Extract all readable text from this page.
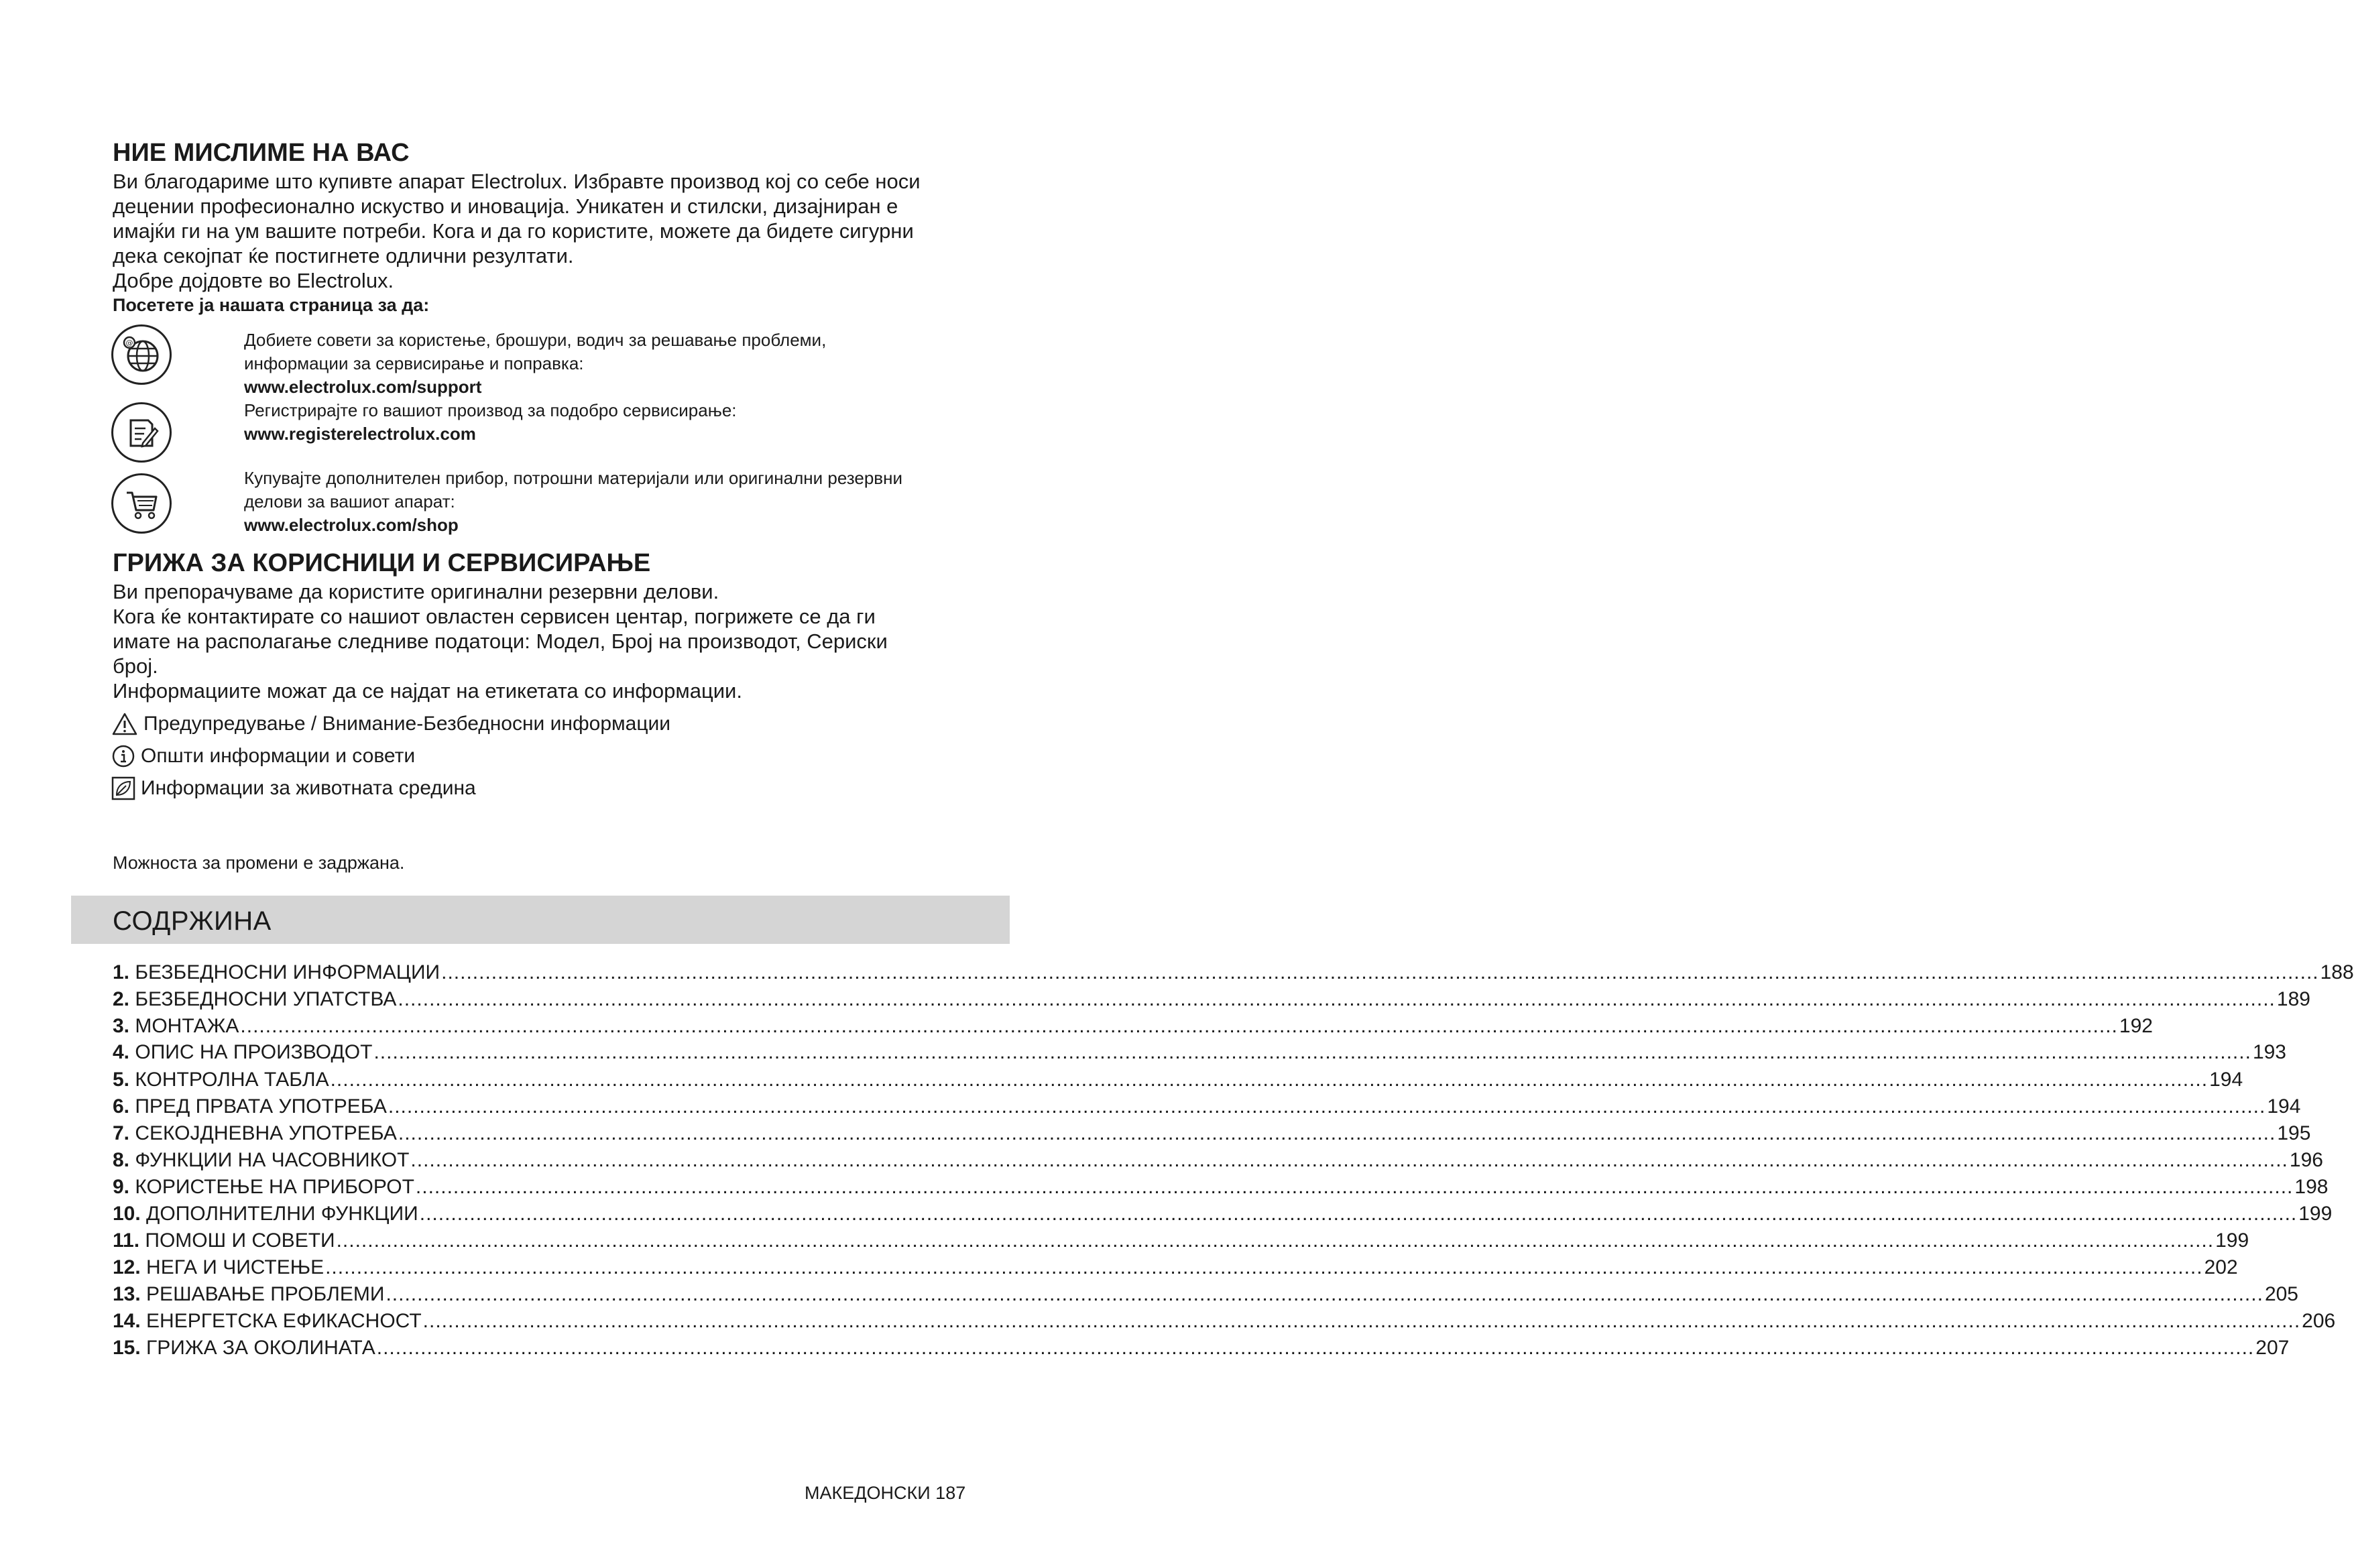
НИЕ МИСЛИМЕ НА ВАС
Ви благодариме што купивте апарат Electrolux. Избравте производ кој со себе носи
децении професионално искуство и иновација. Уникатен и стилски, дизајниран е
имајќи ги на ум вашите потреби. Кога и да го користите, можете да бидете сигурни
дека секојпат ќе постигнете одлични резултати.
Добре дојдовте во Electrolux.
Посетете ја нашата страница за да:
@	Добиете совети за користење, брошури, водич за решавање проблеми,
информации за сервисирање и поправка:
www.electrolux.com/support
Регистрирајте го вашиот производ за подобро сервисирање:
www.registerelectrolux.com
Купувајте дополнителен прибор, потрошни материјали или оригинални резервни
делови за вашиот апарат:
www.electrolux.com/shop
ГРИЖА ЗА КОРИСНИЦИ И СЕРВИСИРАЊЕ
Ви препорачуваме да користите оригинални резервни делови.
Кога ќе контактирате со нашиот овластен сервисен центар, погрижете се да ги
имате на располагање следниве податоци: Модел, Број на производот, Сериски
број.
Информациите можат да се најдат на етикетата со информации.
Предупредување / Внимание-Безбедносни информации
Општи информации и совети
Информации за животната средина
Можноста за промени е задржана.
СОДРЖИНА
1. БЕЗБЕДНОСНИ ИНФОРМАЦИИ ............................................................................................................................................................................................................................................................................................................ 188
2. БЕЗБЕДНОСНИ УПАТСТВА ............................................................................................................................................................................................................................................................................................................ 189
3. МОНТАЖА ............................................................................................................................................................................................................................................................................................................ 192
4. ОПИС НА ПРОИЗВОДОТ ............................................................................................................................................................................................................................................................................................................ 193
5. КОНТРОЛНА ТАБЛА ............................................................................................................................................................................................................................................................................................................ 194
6. ПРЕД ПРВАТА УПОТРЕБА ............................................................................................................................................................................................................................................................................................................ 194
7. СЕКОЈДНЕВНА УПОТРЕБА ............................................................................................................................................................................................................................................................................................................ 195
8. ФУНКЦИИ НА ЧАСОВНИКОТ ............................................................................................................................................................................................................................................................................................................ 196
9. КОРИСТЕЊЕ НА ПРИБОРОТ ............................................................................................................................................................................................................................................................................................................ 198
10. ДОПОЛНИТЕЛНИ ФУНКЦИИ ............................................................................................................................................................................................................................................................................................................ 199
11. ПОМОШ И СОВЕТИ ............................................................................................................................................................................................................................................................................................................ 199
12. НЕГА И ЧИСТЕЊЕ ............................................................................................................................................................................................................................................................................................................ 202
13. РЕШАВАЊЕ ПРОБЛЕМИ ............................................................................................................................................................................................................................................................................................................ 205
14. ЕНЕРГЕТСКА ЕФИКАСНОСТ ............................................................................................................................................................................................................................................................................................................ 206
15. ГРИЖА ЗА ОКОЛИНАТА ............................................................................................................................................................................................................................................................................................................ 207
МАКЕДОНСКИ 187
